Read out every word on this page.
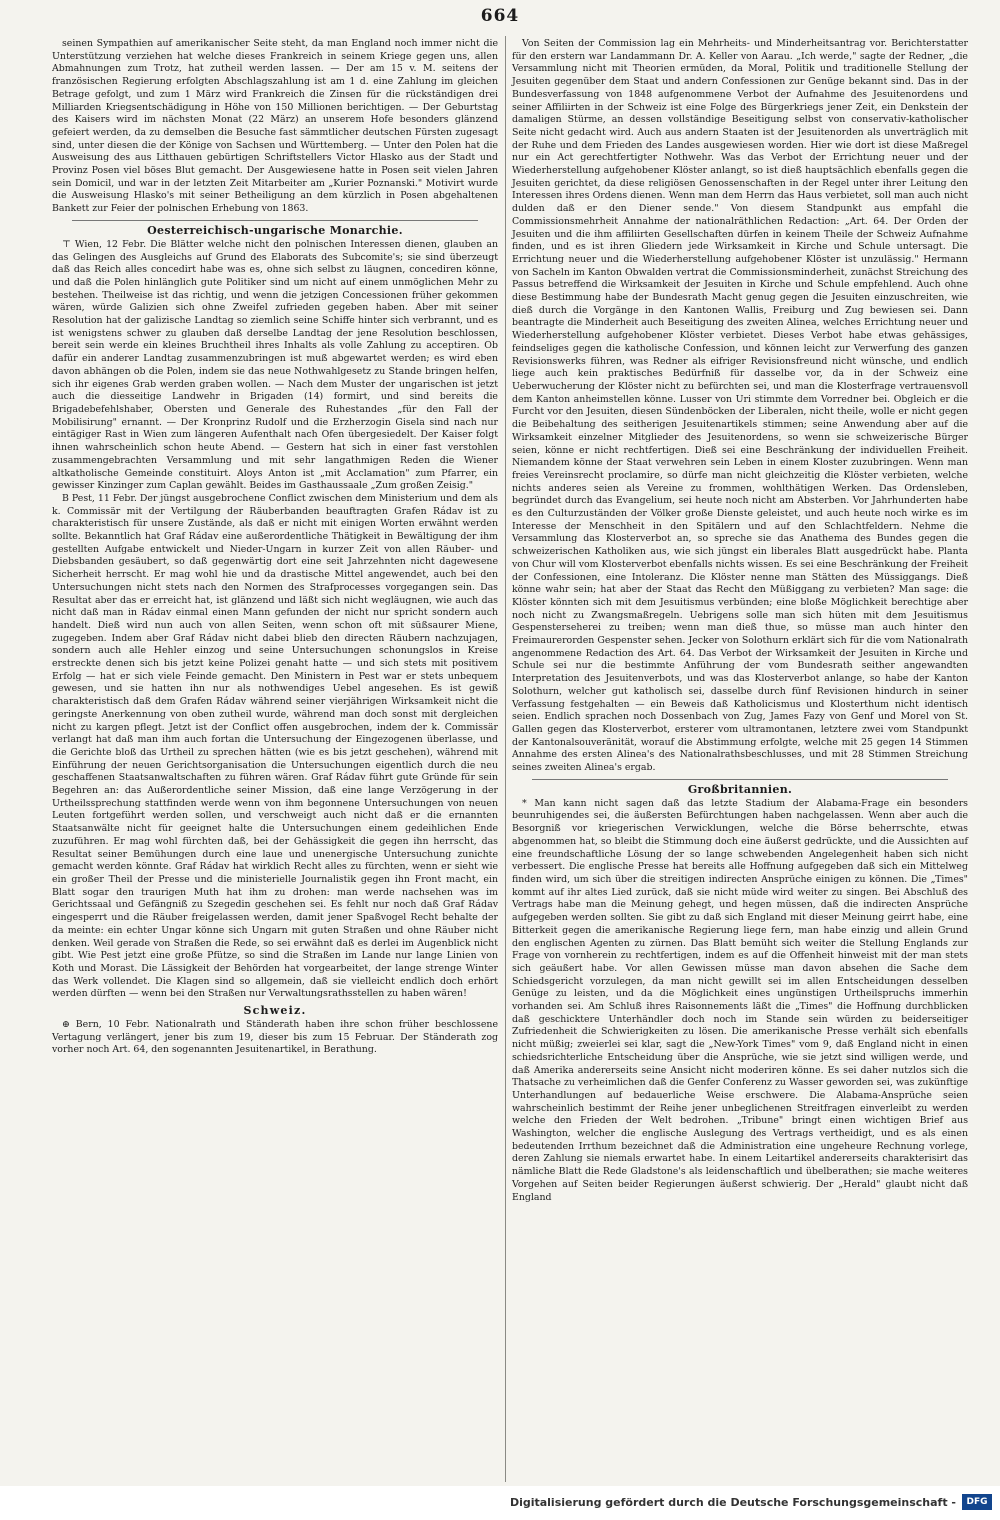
664

seinen Sympathien auf amerikanischer Seite steht, da man England noch immer nicht die Unterstützung verziehen hat welche dieses Frankreich in seinem Kriege gegen uns, allen Abmahnungen zum Trotz, hat zutheil werden lassen. — Der am 15 v. M. seitens der französischen Regierung erfolgten Abschlagszahlung ist am 1 d. eine Zahlung im gleichen Betrage gefolgt, und zum 1 März wird Frankreich die Zinsen für die rückständigen drei Milliarden Kriegsentschädigung in Höhe von 150 Millionen berichtigen. — Der Geburtstag des Kaisers wird im nächsten Monat (22 März) an unserem Hofe besonders glänzend gefeiert werden, da zu demselben die Besuche fast sämmtlicher deutschen Fürsten zugesagt sind, unter diesen die der Könige von Sachsen und Württemberg. — Unter den Polen hat die Ausweisung des aus Litthauen gebürtigen Schriftstellers Victor Hlasko aus der Stadt und Provinz Posen viel böses Blut gemacht. Der Ausgewiesene hatte in Posen seit vielen Jahren sein Domicil, und war in der letzten Zeit Mitarbeiter am „Kurier Poznanski." Motivirt wurde die Ausweisung Hlasko's mit seiner Betheiligung an dem kürzlich in Posen abgehaltenen Bankett zur Feier der polnischen Erhebung von 1863.

Oesterreichisch-ungarische Monarchie.

⊤ Wien, 12 Febr. Die Blätter welche nicht den polnischen Interessen dienen, glauben an das Gelingen des Ausgleichs auf Grund des Elaborats des Subcomite's; sie sind überzeugt daß das Reich alles concedirt habe was es, ohne sich selbst zu läugnen, concediren könne, und daß die Polen hinlänglich gute Politiker sind um nicht auf einem unmöglichen Mehr zu bestehen. Theilweise ist das richtig, und wenn die jetzigen Concessionen früher gekommen wären, würde Galizien sich ohne Zweifel zufrieden gegeben haben. Aber mit seiner Resolution hat der galizische Landtag so ziemlich seine Schiffe hinter sich verbrannt, und es ist wenigstens schwer zu glauben daß derselbe Landtag der jene Resolution beschlossen, bereit sein werde ein kleines Bruchtheil ihres Inhalts als volle Zahlung zu acceptiren. Ob dafür ein anderer Landtag zusammenzubringen ist muß abgewartet werden; es wird eben davon abhängen ob die Polen, indem sie das neue Nothwahlgesetz zu Stande bringen helfen, sich ihr eigenes Grab werden graben wollen. — Nach dem Muster der ungarischen ist jetzt auch die diesseitige Landwehr in Brigaden (14) formirt, und sind bereits die Brigadebefehlshaber, Obersten und Generale des Ruhestandes „für den Fall der Mobilisirung" ernannt. — Der Kronprinz Rudolf und die Erzherzogin Gisela sind nach nur eintägiger Rast in Wien zum längeren Aufenthalt nach Ofen übergesiedelt. Der Kaiser folgt ihnen wahrscheinlich schon heute Abend. — Gestern hat sich in einer fast verstohlen zusammengebrachten Versammlung und mit sehr langathmigen Reden die Wiener altkatholische Gemeinde constituirt. Aloys Anton ist „mit Acclamation" zum Pfarrer, ein gewisser Kinzinger zum Caplan gewählt. Beides im Gasthaussaale „Zum großen Zeisig."

B Pest, 11 Febr. Der jüngst ausgebrochene Conflict zwischen dem Ministerium und dem als k. Commissär mit der Vertilgung der Räuberbanden beauftragten Grafen Rádav ist zu charakteristisch für unsere Zustände, als daß er nicht mit einigen Worten erwähnt werden sollte. Bekanntlich hat Graf Rádav eine außerordentliche Thätigkeit in Bewältigung der ihm gestellten Aufgabe entwickelt und Nieder-Ungarn in kurzer Zeit von allen Räuber- und Diebsbanden gesäubert, so daß gegenwärtig dort eine seit Jahrzehnten nicht dagewesene Sicherheit herrscht. Er mag wohl hie und da drastische Mittel angewendet, auch bei den Untersuchungen nicht stets nach den Normen des Strafprocesses vorgegangen sein. Das Resultat aber das er erreicht hat, ist glänzend und läßt sich nicht wegläugnen, wie auch das nicht daß man in Rádav einmal einen Mann gefunden der nicht nur spricht sondern auch handelt. Dieß wird nun auch von allen Seiten, wenn schon oft mit süßsaurer Miene, zugegeben. Indem aber Graf Rádav nicht dabei blieb den directen Räubern nachzujagen, sondern auch alle Hehler einzog und seine Untersuchungen schonungslos in Kreise erstreckte denen sich bis jetzt keine Polizei genaht hatte — und sich stets mit positivem Erfolg — hat er sich viele Feinde gemacht. Den Ministern in Pest war er stets unbequem gewesen, und sie hatten ihn nur als nothwendiges Uebel angesehen. Es ist gewiß charakteristisch daß dem Grafen Rádav während seiner vierjährigen Wirksamkeit nicht die geringste Anerkennung von oben zutheil wurde, während man doch sonst mit dergleichen nicht zu kargen pflegt. Jetzt ist der Conflict offen ausgebrochen, indem der k. Commissär verlangt hat daß man ihm auch fortan die Untersuchung der Eingezogenen überlasse, und die Gerichte bloß das Urtheil zu sprechen hätten (wie es bis jetzt geschehen), während mit Einführung der neuen Gerichtsorganisation die Untersuchungen eigentlich durch die neu geschaffenen Staatsanwaltschaften zu führen wären. Graf Rádav führt gute Gründe für sein Begehren an: das Außerordentliche seiner Mission, daß eine lange Verzögerung in der Urtheilssprechung stattfinden werde wenn von ihm begonnene Untersuchungen von neuen Leuten fortgeführt werden sollen, und verschweigt auch nicht daß er die ernannten Staatsanwälte nicht für geeignet halte die Untersuchungen einem gedeihlichen Ende zuzuführen. Er mag wohl fürchten daß, bei der Gehässigkeit die gegen ihn herrscht, das Resultat seiner Bemühungen durch eine laue und unenergische Untersuchung zunichte gemacht werden könnte. Graf Rádav hat wirklich Recht alles zu fürchten, wenn er sieht wie ein großer Theil der Presse und die ministerielle Journalistik gegen ihn Front macht, ein Blatt sogar den traurigen Muth hat ihm zu drohen: man werde nachsehen was im Gerichtssaal und Gefängniß zu Szegedin geschehen sei. Es fehlt nur noch daß Graf Rádav eingesperrt und die Räuber freigelassen werden, damit jener Spaßvogel Recht behalte der da meinte: ein echter Ungar könne sich Ungarn mit guten Straßen und ohne Räuber nicht denken. Weil gerade von Straßen die Rede, so sei erwähnt daß es derlei im Augenblick nicht gibt. Wie Pest jetzt eine große Pfütze, so sind die Straßen im Lande nur lange Linien von Koth und Morast. Die Lässigkeit der Behörden hat vorgearbeitet, der lange strenge Winter das Werk vollendet. Die Klagen sind so allgemein, daß sie vielleicht endlich doch erhört werden dürften — wenn bei den Straßen nur Verwaltungsrathsstellen zu haben wären!

Schweiz.

⊕ Bern, 10 Febr. Nationalrath und Ständerath haben ihre schon früher beschlossene Vertagung verlängert, jener bis zum 19, dieser bis zum 15 Februar. Der Ständerath zog vorher noch Art. 64, den sogenannten Jesuitenartikel, in Berathung.

Von Seiten der Commission lag ein Mehrheits- und Minderheitsantrag vor. Berichterstatter für den erstern war Landammann Dr. A. Keller von Aarau. „Ich werde," sagte der Redner, „die Versammlung nicht mit Theorien ermüden, da Moral, Politik und traditionelle Stellung der Jesuiten gegenüber dem Staat und andern Confessionen zur Genüge bekannt sind. Das in der Bundesverfassung von 1848 aufgenommene Verbot der Aufnahme des Jesuitenordens und seiner Affiliirten in der Schweiz ist eine Folge des Bürgerkriegs jener Zeit, ein Denkstein der damaligen Stürme, an dessen vollständige Beseitigung selbst von conservativ-katholischer Seite nicht gedacht wird. Auch aus andern Staaten ist der Jesuitenorden als unverträglich mit der Ruhe und dem Frieden des Landes ausgewiesen worden. Hier wie dort ist diese Maßregel nur ein Act gerechtfertigter Nothwehr. Was das Verbot der Errichtung neuer und der Wiederherstellung aufgehobener Klöster anlangt, so ist dieß hauptsächlich ebenfalls gegen die Jesuiten gerichtet, da diese religiösen Genossenschaften in der Regel unter ihrer Leitung den Interessen ihres Ordens dienen. Wenn man dem Herrn das Haus verbietet, soll man auch nicht dulden daß er den Diener sende." Von diesem Standpunkt aus empfahl die Commissionsmehrheit Annahme der nationalräthlichen Redaction: „Art. 64. Der Orden der Jesuiten und die ihm affiliirten Gesellschaften dürfen in keinem Theile der Schweiz Aufnahme finden, und es ist ihren Gliedern jede Wirksamkeit in Kirche und Schule untersagt. Die Errichtung neuer und die Wiederherstellung aufgehobener Klöster ist unzulässig." Hermann von Sacheln im Kanton Obwalden vertrat die Commissionsminderheit, zunächst Streichung des Passus betreffend die Wirksamkeit der Jesuiten in Kirche und Schule empfehlend. Auch ohne diese Bestimmung habe der Bundesrath Macht genug gegen die Jesuiten einzuschreiten, wie dieß durch die Vorgänge in den Kantonen Wallis, Freiburg und Zug bewiesen sei. Dann beantragte die Minderheit auch Beseitigung des zweiten Alinea, welches Errichtung neuer und Wiederherstellung aufgehobener Klöster verbietet. Dieses Verbot habe etwas gehässiges, feindseliges gegen die katholische Confession, und können leicht zur Verwerfung des ganzen Revisionswerks führen, was Redner als eifriger Revisionsfreund nicht wünsche, und endlich liege auch kein praktisches Bedürfniß für dasselbe vor, da in der Schweiz eine Ueberwucherung der Klöster nicht zu befürchten sei, und man die Klosterfrage vertrauensvoll dem Kanton anheimstellen könne. Lusser von Uri stimmte dem Vorredner bei. Obgleich er die Furcht vor den Jesuiten, diesen Sündenböcken der Liberalen, nicht theile, wolle er nicht gegen die Beibehaltung des seitherigen Jesuitenartikels stimmen; seine Anwendung aber auf die Wirksamkeit einzelner Mitglieder des Jesuitenordens, so wenn sie schweizerische Bürger seien, könne er nicht rechtfertigen. Dieß sei eine Beschränkung der individuellen Freiheit. Niemandem könne der Staat verwehren sein Leben in einem Kloster zuzubringen. Wenn man freies Vereinsrecht proclamire, so dürfe man nicht gleichzeitig die Klöster verbieten, welche nichts anderes seien als Vereine zu frommen, wohlthätigen Werken. Das Ordensleben, begründet durch das Evangelium, sei heute noch nicht am Absterben. Vor Jahrhunderten habe es den Culturzuständen der Völker große Dienste geleistet, und auch heute noch wirke es im Interesse der Menschheit in den Spitälern und auf den Schlachtfeldern. Nehme die Versammlung das Klosterverbot an, so spreche sie das Anathema des Bundes gegen die schweizerischen Katholiken aus, wie sich jüngst ein liberales Blatt ausgedrückt habe. Planta von Chur will vom Klosterverbot ebenfalls nichts wissen. Es sei eine Beschränkung der Freiheit der Confessionen, eine Intoleranz. Die Klöster nenne man Stätten des Müssiggangs. Dieß könne wahr sein; hat aber der Staat das Recht den Müßiggang zu verbieten? Man sage: die Klöster könnten sich mit dem Jesuitismus verbünden; eine bloße Möglichkeit berechtige aber noch nicht zu Zwangsmaßregeln. Uebrigens solle man sich hüten mit dem Jesuitismus Gespensterseherei zu treiben; wenn man dieß thue, so müsse man auch hinter den Freimaurerorden Gespenster sehen. Jecker von Solothurn erklärt sich für die vom Nationalrath angenommene Redaction des Art. 64. Das Verbot der Wirksamkeit der Jesuiten in Kirche und Schule sei nur die bestimmte Anführung der vom Bundesrath seither angewandten Interpretation des Jesuitenverbots, und was das Klosterverbot anlange, so habe der Kanton Solothurn, welcher gut katholisch sei, dasselbe durch fünf Revisionen hindurch in seiner Verfassung festgehalten — ein Beweis daß Katholicismus und Klosterthum nicht identisch seien. Endlich sprachen noch Dossenbach von Zug, James Fazy von Genf und Morel von St. Gallen gegen das Klosterverbot, ersterer vom ultramontanen, letztere zwei vom Standpunkt der Kantonalsouveränität, worauf die Abstimmung erfolgte, welche mit 25 gegen 14 Stimmen Annahme des ersten Alinea's des Nationalrathsbeschlusses, und mit 28 Stimmen Streichung seines zweiten Alinea's ergab.

Großbritannien.

* Man kann nicht sagen daß das letzte Stadium der Alabama-Frage ein besonders beunruhigendes sei, die äußersten Befürchtungen haben nachgelassen. Wenn aber auch die Besorgniß vor kriegerischen Verwicklungen, welche die Börse beherrschte, etwas abgenommen hat, so bleibt die Stimmung doch eine äußerst gedrückte, und die Aussichten auf eine freundschaftliche Lösung der so lange schwebenden Angelegenheit haben sich nicht verbessert. Die englische Presse hat bereits alle Hoffnung aufgegeben daß sich ein Mittelweg finden wird, um sich über die streitigen indirecten Ansprüche einigen zu können. Die „Times" kommt auf ihr altes Lied zurück, daß sie nicht müde wird weiter zu singen. Bei Abschluß des Vertrags habe man die Meinung gehegt, und hegen müssen, daß die indirecten Ansprüche aufgegeben werden sollten. Sie gibt zu daß sich England mit dieser Meinung geirrt habe, eine Bitterkeit gegen die amerikanische Regierung liege fern, man habe einzig und allein Grund den englischen Agenten zu zürnen. Das Blatt bemüht sich weiter die Stellung Englands zur Frage von vornherein zu rechtfertigen, indem es auf die Offenheit hinweist mit der man stets sich geäußert habe. Vor allen Gewissen müsse man davon absehen die Sache dem Schiedsgericht vorzulegen, da man nicht gewillt sei im allen Entscheidungen desselben Genüge zu leisten, und da die Möglichkeit eines ungünstigen Urtheilspruchs immerhin vorhanden sei. Am Schluß ihres Raisonnements läßt die „Times" die Hoffnung durchblicken daß geschicktere Unterhändler doch noch im Stande sein würden zu beiderseitiger Zufriedenheit die Schwierigkeiten zu lösen. Die amerikanische Presse verhält sich ebenfalls nicht müßig; zweierlei sei klar, sagt die „New-York Times" vom 9, daß England nicht in einen schiedsrichterliche Entscheidung über die Ansprüche, wie sie jetzt sind willigen werde, und daß Amerika andererseits seine Ansicht nicht moderiren könne. Es sei daher nutzlos sich die Thatsache zu verheimlichen daß die Genfer Conferenz zu Wasser geworden sei, was zukünftige Unterhandlungen auf bedauerliche Weise erschwere. Die Alabama-Ansprüche seien wahrscheinlich bestimmt der Reihe jener unbeglichenen Streitfragen einverleibt zu werden welche den Frieden der Welt bedrohen. „Tribune" bringt einen wichtigen Brief aus Washington, welcher die englische Auslegung des Vertrags vertheidigt, und es als einen bedeutenden Irrthum bezeichnet daß die Administration eine ungeheure Rechnung vorlege, deren Zahlung sie niemals erwartet habe. In einem Leitartikel andererseits charakterisirt das nämliche Blatt die Rede Gladstone's als leidenschaftlich und übelberathen; sie mache weiteres Vorgehen auf Seiten beider Regierungen äußerst schwierig. Der „Herald" glaubt nicht daß England

Digitalisierung gefördert durch die Deutsche Forschungsgemeinschaft -	DFG
